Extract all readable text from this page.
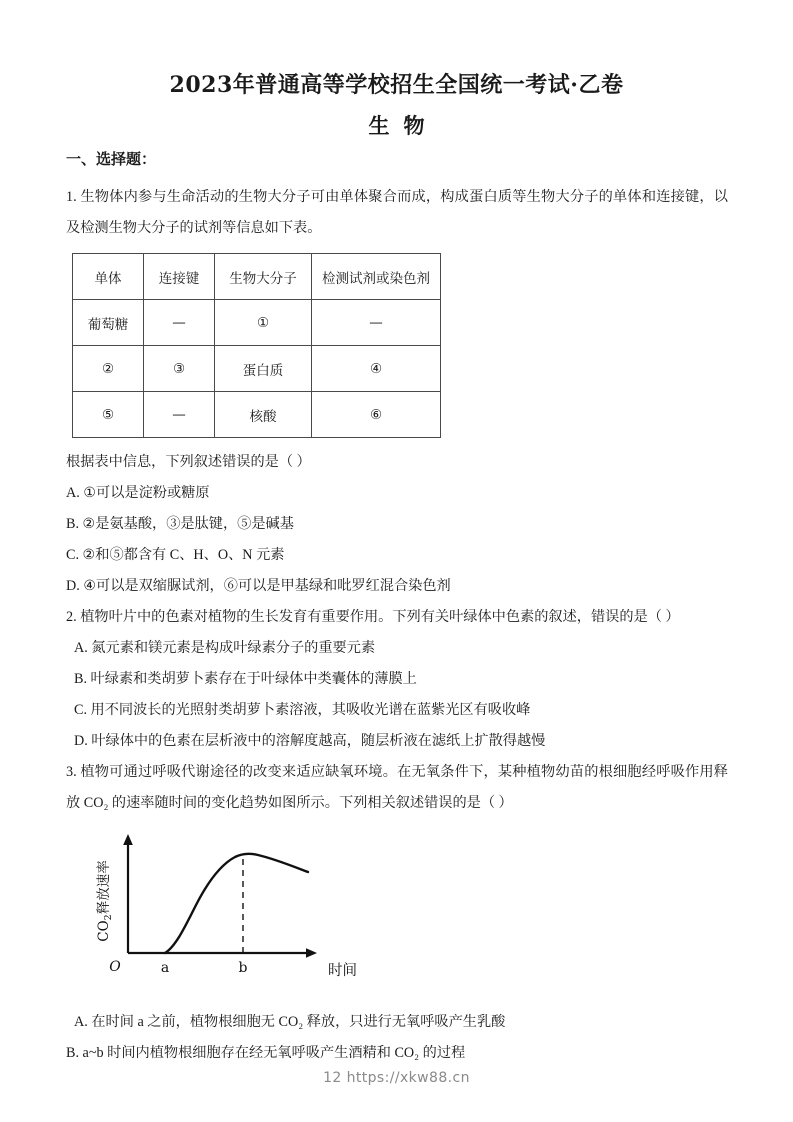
2023年普通高等学校招生全国统一考试·乙卷
生物
一、选择题：

1. 生物体内参与生命活动的生物大分子可由单体聚合而成，构成蛋白质等生物大分子的单体和连接键，以及检测生物大分子的试剂等信息如下表。

单体	连接键	生物大分子	检测试剂或染色剂
葡萄糖	—	①	—
②	③	蛋白质	④
⑤	—	核酸	⑥

根据表中信息，下列叙述错误的是（ ）

A. ①可以是淀粉或糖原

B. ②是氨基酸，③是肽键，⑤是碱基

C. ②和⑤都含有 C、H、O、N 元素

D. ④可以是双缩脲试剂，⑥可以是甲基绿和吡罗红混合染色剂

2. 植物叶片中的色素对植物的生长发育有重要作用。下列有关叶绿体中色素的叙述，错误的是（ ）

A. 氮元素和镁元素是构成叶绿素分子的重要元素

B. 叶绿素和类胡萝卜素存在于叶绿体中类囊体的薄膜上

C. 用不同波长的光照射类胡萝卜素溶液，其吸收光谱在蓝紫光区有吸收峰

D. 叶绿体中的色素在层析液中的溶解度越高，随层析液在滤纸上扩散得越慢

3. 植物可通过呼吸代谢途径的改变来适应缺氧环境。在无氧条件下，某种植物幼苗的根细胞经呼吸作用释放 CO₂ 的速率随时间的变化趋势如图所示。下列相关叙述错误的是（ ）

$CO_2$释放速率
O	a	b	时间

A. 在时间 a 之前，植物根细胞无 CO₂ 释放，只进行无氧呼吸产生乳酸

B. a~b 时间内植物根细胞存在经无氧呼吸产生酒精和 CO₂ 的过程

12 https://xkw88.cn
